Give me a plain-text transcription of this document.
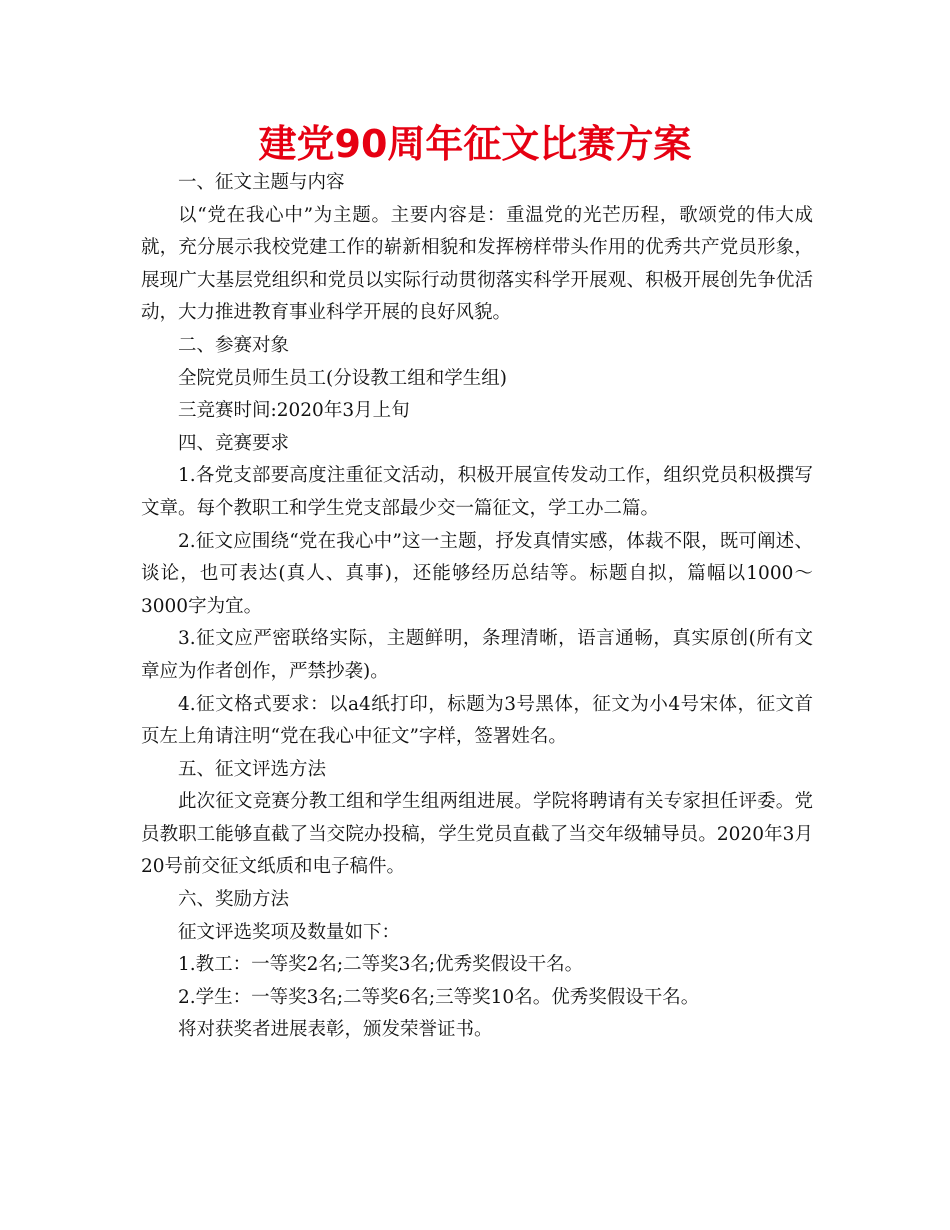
建党90周年征文比赛方案

一、征文主题与内容

以“党在我心中”为主题。主要内容是：重温党的光芒历程，歌颂党的伟大成就，充分展示我校党建工作的崭新相貌和发挥榜样带头作用的优秀共产党员形象，展现广大基层党组织和党员以实际行动贯彻落实科学开展观、积极开展创先争优活动，大力推进教育事业科学开展的良好风貌。

二、参赛对象

全院党员师生员工(分设教工组和学生组)

三竞赛时间:2020年3月上旬

四、竞赛要求

1.各党支部要高度注重征文活动，积极开展宣传发动工作，组织党员积极撰写文章。每个教职工和学生党支部最少交一篇征文，学工办二篇。

2.征文应围绕“党在我心中”这一主题，抒发真情实感，体裁不限，既可阐述、谈论，也可表达(真人、真事)，还能够经历总结等。标题自拟，篇幅以1000～3000字为宜。

3.征文应严密联络实际，主题鲜明，条理清晰，语言通畅，真实原创(所有文章应为作者创作，严禁抄袭)。

4.征文格式要求：以a4纸打印，标题为3号黑体，征文为小4号宋体，征文首页左上角请注明“党在我心中征文”字样，签署姓名。

五、征文评选方法

此次征文竞赛分教工组和学生组两组进展。学院将聘请有关专家担任评委。党员教职工能够直截了当交院办投稿，学生党员直截了当交年级辅导员。2020年3月20号前交征文纸质和电子稿件。

六、奖励方法

征文评选奖项及数量如下：

1.教工：一等奖2名;二等奖3名;优秀奖假设干名。

2.学生：一等奖3名;二等奖6名;三等奖10名。优秀奖假设干名。

将对获奖者进展表彰，颁发荣誉证书。
